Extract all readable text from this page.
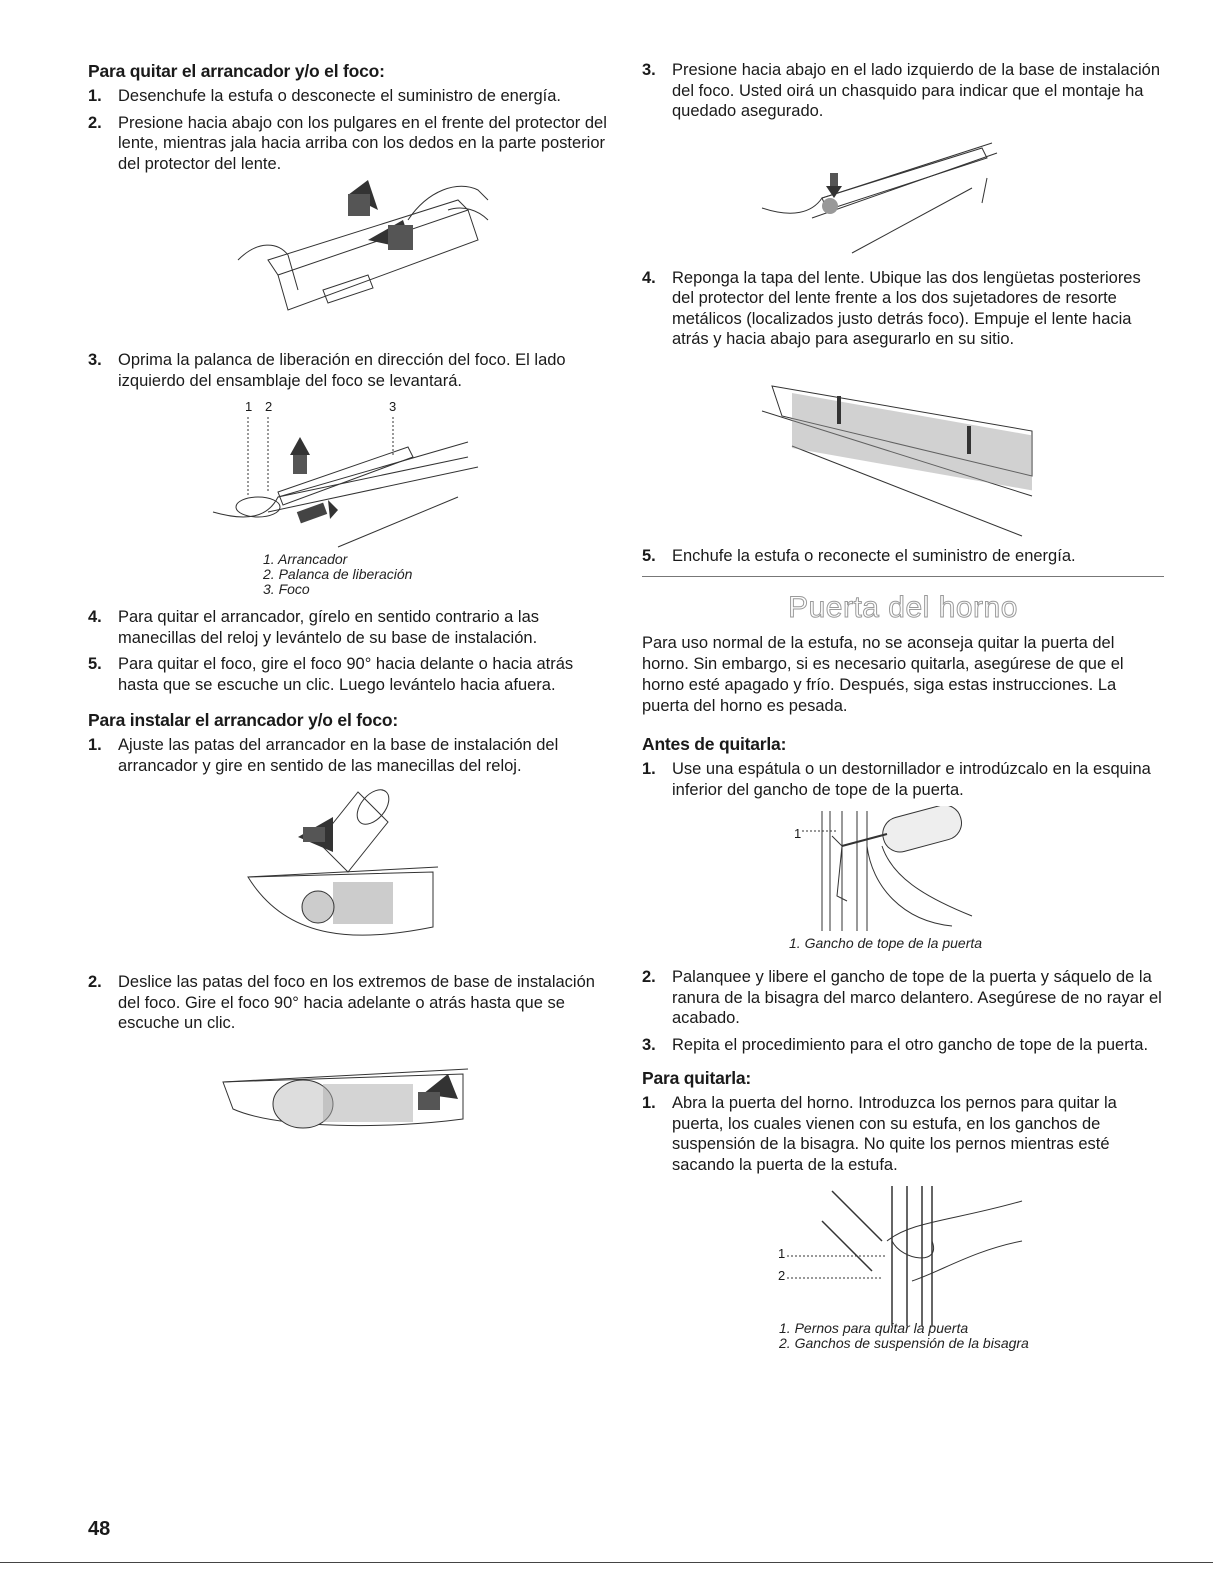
Para quitar el arrancador y/o el foco:
1. Desenchufe la estufa o desconecte el suministro de energía.
2. Presione hacia abajo con los pulgares en el frente del protector del lente, mientras jala hacia arriba con los dedos en la parte posterior del protector del lente.
3. Oprima la palanca de liberación en dirección del foco. El lado izquierdo del ensamblaje del foco se levantará.
1 2	3
1. Arrancador
2. Palanca de liberación
3. Foco
4. Para quitar el arrancador, gírelo en sentido contrario a las manecillas del reloj y levántelo de su base de instalación.
5. Para quitar el foco, gire el foco 90° hacia delante o hacia atrás hasta que se escuche un clic. Luego levántelo hacia afuera.
Para instalar el arrancador y/o el foco:
1. Ajuste las patas del arrancador en la base de instalación del arrancador y gire en sentido de las manecillas del reloj.
2. Deslice las patas del foco en los extremos de base de instalación del foco. Gire el foco 90° hacia adelante o atrás hasta que se escuche un clic.
3. Presione hacia abajo en el lado izquierdo de la base de instalación del foco. Usted oirá un chasquido para indicar que el montaje ha quedado asegurado.
4. Reponga la tapa del lente. Ubique las dos lengüetas posteriores del protector del lente frente a los dos sujetadores de resorte metálicos (localizados justo detrás foco). Empuje el lente hacia atrás y hacia abajo para asegurarlo en su sitio.
5. Enchufe la estufa o reconecte el suministro de energía.
Puerta del horno

Para uso normal de la estufa, no se aconseja quitar la puerta del horno. Sin embargo, si es necesario quitarla, asegúrese de que el horno esté apagado y frío. Después, siga estas instrucciones. La puerta del horno es pesada.

Antes de quitarla:
1. Use una espátula o un destornillador e introdúzcalo en la esquina inferior del gancho de tope de la puerta.
1
1. Gancho de tope de la puerta
2. Palanquee y libere el gancho de tope de la puerta y sáquelo de la ranura de la bisagra del marco delantero. Asegúrese de no rayar el acabado.
3. Repita el procedimiento para el otro gancho de tope de la puerta.
Para quitarla:
1. Abra la puerta del horno. Introduzca los pernos para quitar la puerta, los cuales vienen con su estufa, en los ganchos de suspensión de la bisagra. No quite los pernos mientras esté sacando la puerta de la estufa.
1
2
1. Pernos para quitar la puerta
2. Ganchos de suspensión de la bisagra
48
